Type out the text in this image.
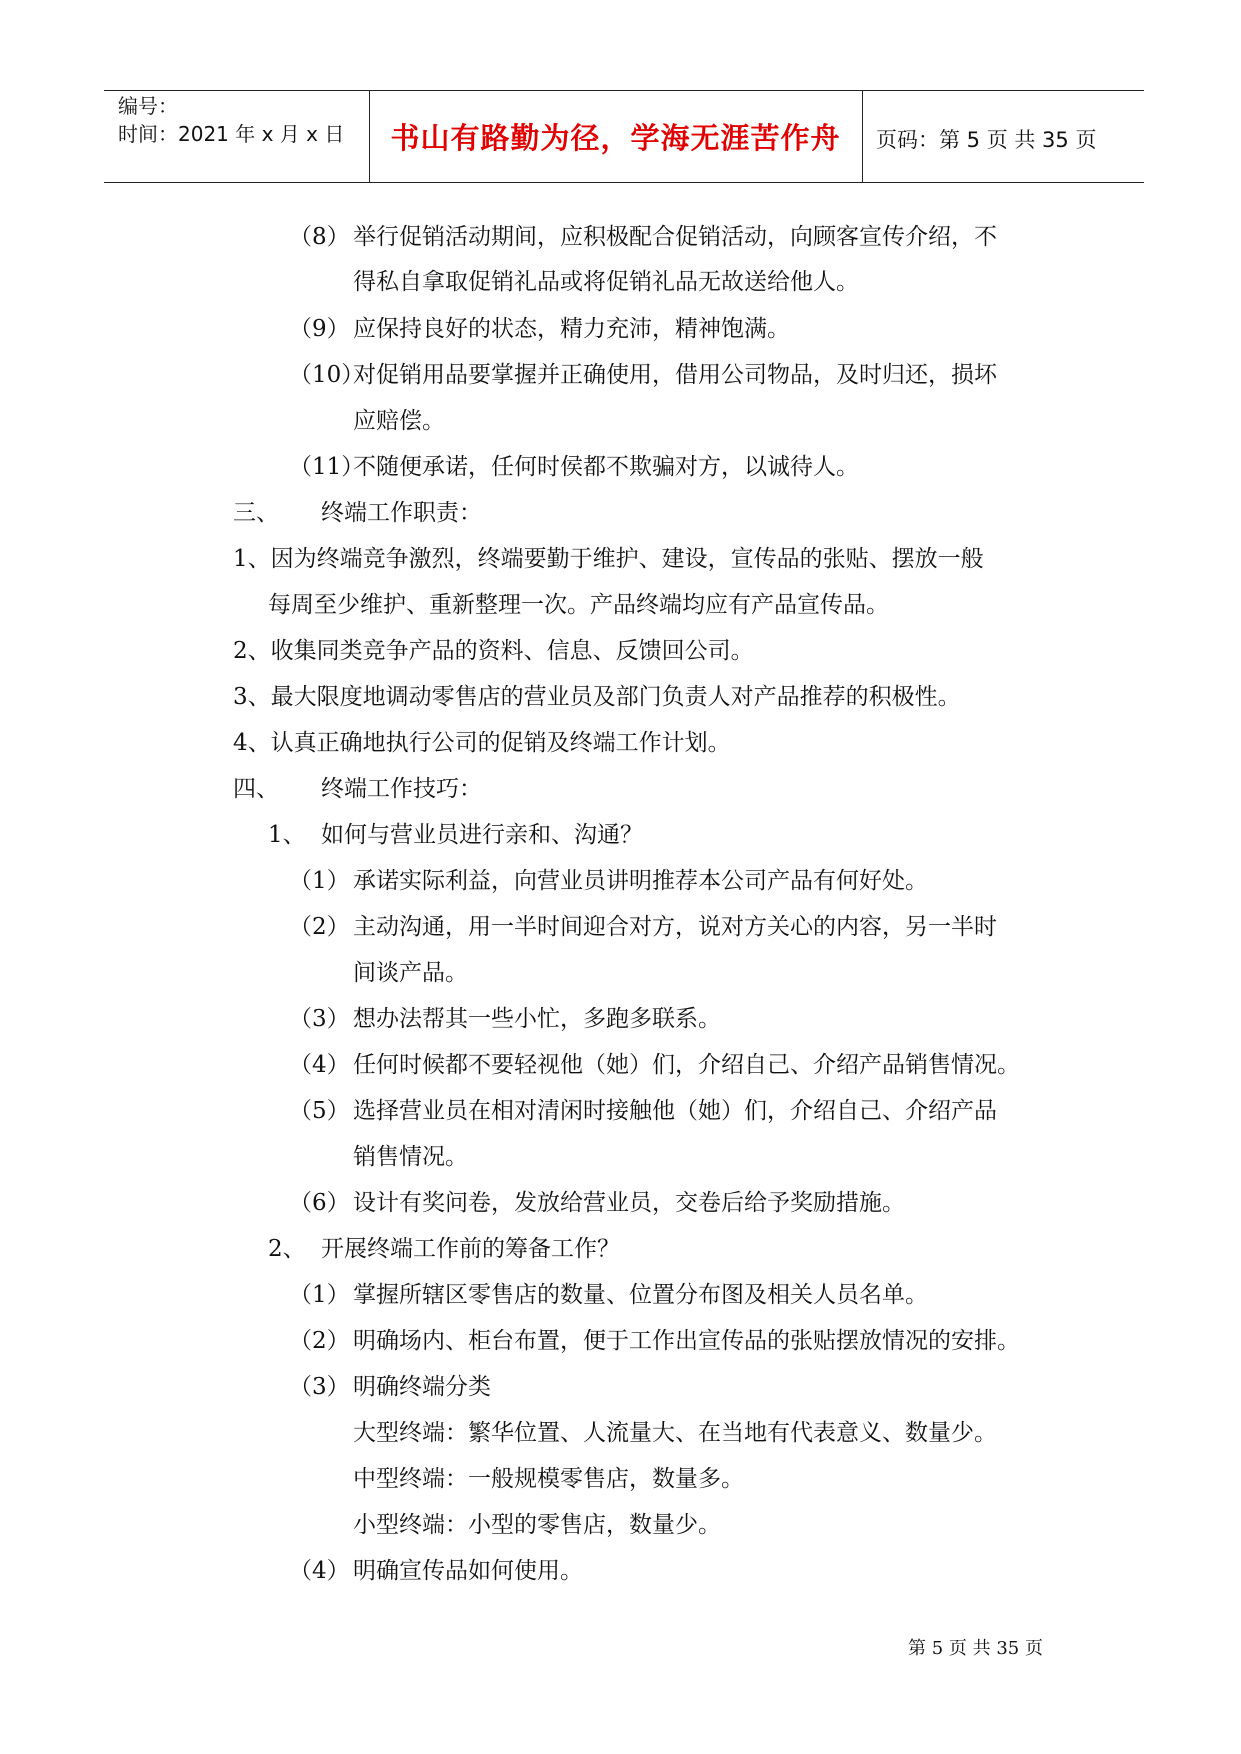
编号：
时间：2021 年 x 月 x 日	书山有路勤为径，学海无涯苦作舟	页码：第 5 页 共 35 页
（8） 举行促销活动期间，应积极配合促销活动，向顾客宣传介绍，不
得私自拿取促销礼品或将促销礼品无故送给他人。
（9） 应保持良好的状态，精力充沛，精神饱满。
（10）
对促销用品要掌握并正确使用，借用公司物品，及时归还，损坏
应赔偿。
（11）
不随便承诺，任何时侯都不欺骗对方，以诚待人。
三、 终端工作职责：
1、因为终端竞争激烈，终端要勤于维护、建设，宣传品的张贴、摆放一般
每周至少维护、重新整理一次。产品终端均应有产品宣传品。
2、收集同类竞争产品的资料、信息、反馈回公司。
3、最大限度地调动零售店的营业员及部门负责人对产品推荐的积极性。
4、认真正确地执行公司的促销及终端工作计划。
四、 终端工作技巧：
1、 如何与营业员进行亲和、沟通？
（1） 承诺实际利益，向营业员讲明推荐本公司产品有何好处。
（2） 主动沟通，用一半时间迎合对方，说对方关心的内容，另一半时
间谈产品。
（3） 想办法帮其一些小忙，多跑多联系。
（4） 任何时候都不要轻视他（她）们，介绍自己、介绍产品销售情况。
（5） 选择营业员在相对清闲时接触他（她）们，介绍自己、介绍产品
销售情况。
（6） 设计有奖问卷，发放给营业员，交卷后给予奖励措施。
2、 开展终端工作前的筹备工作？
（1） 掌握所辖区零售店的数量、位置分布图及相关人员名单。
（2） 明确场内、柜台布置，便于工作出宣传品的张贴摆放情况的安排。
（3） 明确终端分类
大型终端：繁华位置、人流量大、在当地有代表意义、数量少。
中型终端：一般规模零售店，数量多。
小型终端：小型的零售店，数量少。
（4） 明确宣传品如何使用。
第 5 页 共 35 页
